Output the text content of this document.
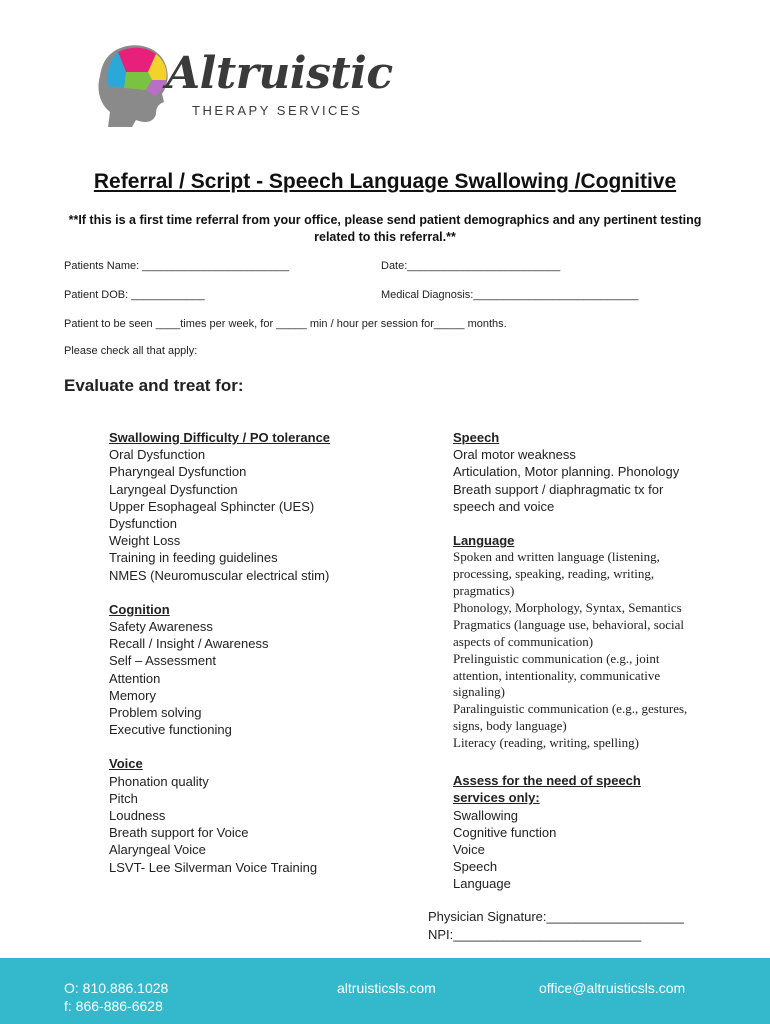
Altruistic
THERAPY SERVICES
Referral / Script - Speech Language Swallowing /Cognitive
**If this is a first time referral from your office, please send patient demographics and any pertinent testing related to this referral.**
Patients Name: ________________________	Date:_________________________
Patient DOB: ____________	Medical Diagnosis:___________________________
Patient to be seen ____times per week, for _____ min / hour per session for_____ months.
Please check all that apply:
Evaluate and treat for:
Swallowing Difficulty / PO tolerance
Oral Dysfunction
Pharyngeal Dysfunction
Laryngeal Dysfunction
Upper Esophageal Sphincter (UES)
Dysfunction
Weight Loss
Training in feeding guidelines
NMES (Neuromuscular electrical stim)
Cognition
Safety Awareness
Recall / Insight / Awareness
Self – Assessment
Attention
Memory
Problem solving
Executive functioning
Voice
Phonation quality
Pitch
Loudness
Breath support for Voice
Alaryngeal Voice
LSVT- Lee Silverman Voice Training
Speech
Oral motor weakness
Articulation, Motor planning. Phonology
Breath support / diaphragmatic tx for
speech and voice
Language
Spoken and written language (listening,
processing, speaking, reading, writing,
pragmatics)
Phonology, Morphology, Syntax, Semantics
Pragmatics (language use, behavioral, social
aspects of communication)
Prelinguistic communication (e.g., joint
attention, intentionality, communicative
signaling)
Paralinguistic communication (e.g., gestures,
signs, body language)
Literacy (reading, writing, spelling)
Assess for the need of speech
services only:
Swallowing
Cognitive function
Voice
Speech
Language
Physician Signature:___________________
NPI:__________________________
O: 810.886.1028
f: 866-886-6628
altruisticsls.com	office@altruisticsls.com
